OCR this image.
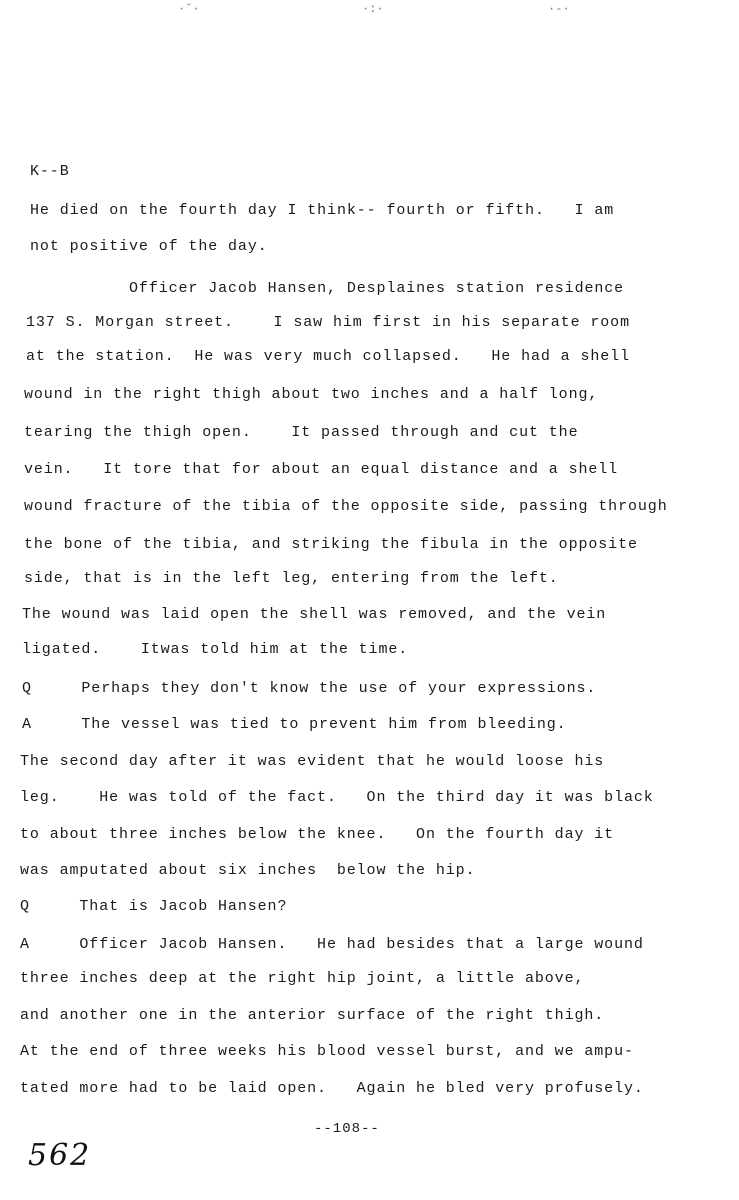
·˘·	·:·	·-·
K--B
He died on the fourth day I think-- fourth or fifth.   I am
not positive of the day.
Officer Jacob Hansen, Desplaines station residence
137 S. Morgan street.    I saw him first in his separate room
at the station.  He was very much collapsed.   He had a shell
wound in the right thigh about two inches and a half long,
tearing the thigh open.    It passed through and cut the
vein.   It tore that for about an equal distance and a shell
wound fracture of the tibia of the opposite side, passing through
the bone of the tibia, and striking the fibula in the opposite
side, that is in the left leg, entering from the left.
The wound was laid open the shell was removed, and the vein
ligated.    Itwas told him at the time.
Q     Perhaps they don't know the use of your expressions.
A     The vessel was tied to prevent him from bleeding.
The second day after it was evident that he would loose his
leg.    He was told of the fact.   On the third day it was black
to about three inches below the knee.   On the fourth day it
was amputated about six inches  below the hip.
Q     That is Jacob Hansen?
A     Officer Jacob Hansen.   He had besides that a large wound
three inches deep at the right hip joint, a little above,
and another one in the anterior surface of the right thigh.
At the end of three weeks his blood vessel burst, and we ampu-
tated more had to be laid open.   Again he bled very profusely.
--108--
562
